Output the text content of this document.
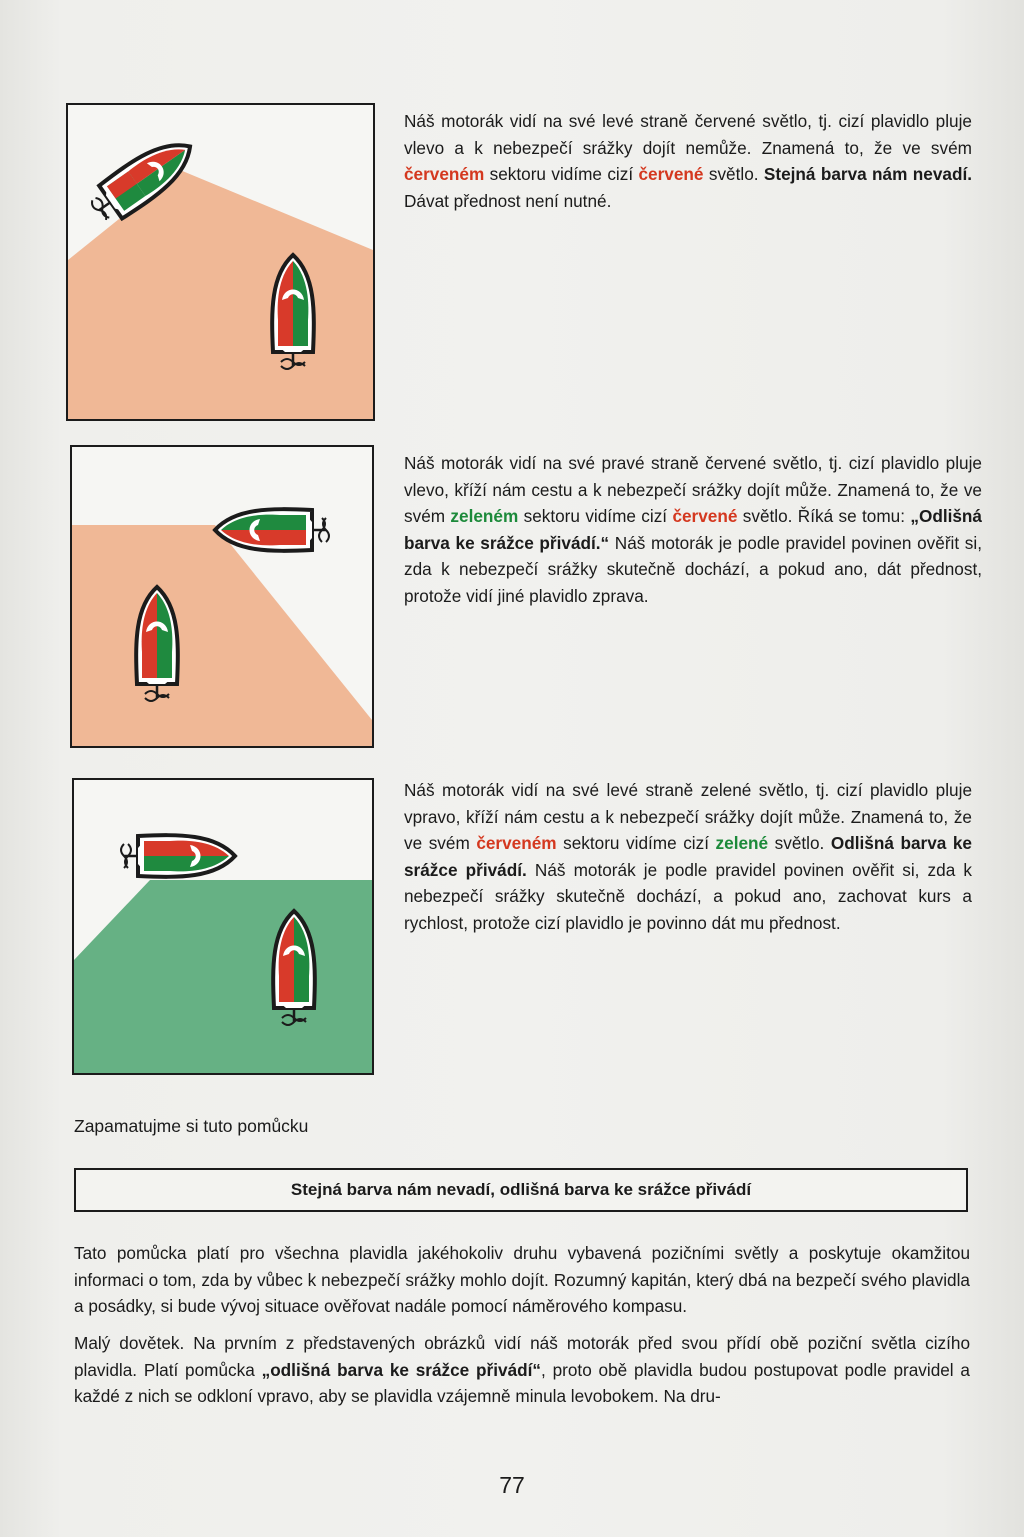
Náš motorák vidí na své levé straně červené světlo, tj. cizí plavidlo pluje vlevo a k nebezpečí srážky dojít nemůže. Znamená to, že ve svém červeném sektoru vidíme cizí červené světlo. Stejná barva nám nevadí. Dávat přednost není nutné.
Náš motorák vidí na své pravé straně červené světlo, tj. cizí plavidlo pluje vlevo, kříží nám cestu a k nebezpečí srážky dojít může. Znamená to, že ve svém zeleném sektoru vidíme cizí červené světlo. Říká se tomu: „Odlišná barva ke srážce přivádí.“ Náš motorák je podle pravidel povinen ověřit si, zda k nebezpečí srážky skutečně dochází, a pokud ano, dát přednost, protože vidí jiné plavidlo zprava.
Náš motorák vidí na své levé straně zelené světlo, tj. cizí plavidlo pluje vpravo, kříží nám cestu a k nebezpečí srážky dojít může. Znamená to, že ve svém červeném sektoru vidíme cizí zelené světlo. Odlišná barva ke srážce přivádí. Náš motorák je podle pravidel povinen ověřit si, zda k nebezpečí srážky skutečně dochází, a pokud ano, zachovat kurs a rychlost, protože cizí plavidlo je povinno dát mu přednost.
Zapamatujme si tuto pomůcku
Stejná barva nám nevadí, odlišná barva ke srážce přivádí
Tato pomůcka platí pro všechna plavidla jakéhokoliv druhu vybavená pozičními světly a poskytuje okamžitou informaci o tom, zda by vůbec k nebezpečí srážky mohlo dojít. Rozumný kapitán, který dbá na bezpečí svého plavidla a posádky, si bude vývoj situace ověřovat nadále pomocí náměrového kompasu.
Malý dovětek. Na prvním z představených obrázků vidí náš motorák před svou přídí obě poziční světla cizího plavidla. Platí pomůcka „odlišná barva ke srážce přivádí“, proto obě plavidla budou postupovat podle pravidel a každé z nich se odkloní vpravo, aby se plavidla vzájemně minula levobokem. Na dru-
77
